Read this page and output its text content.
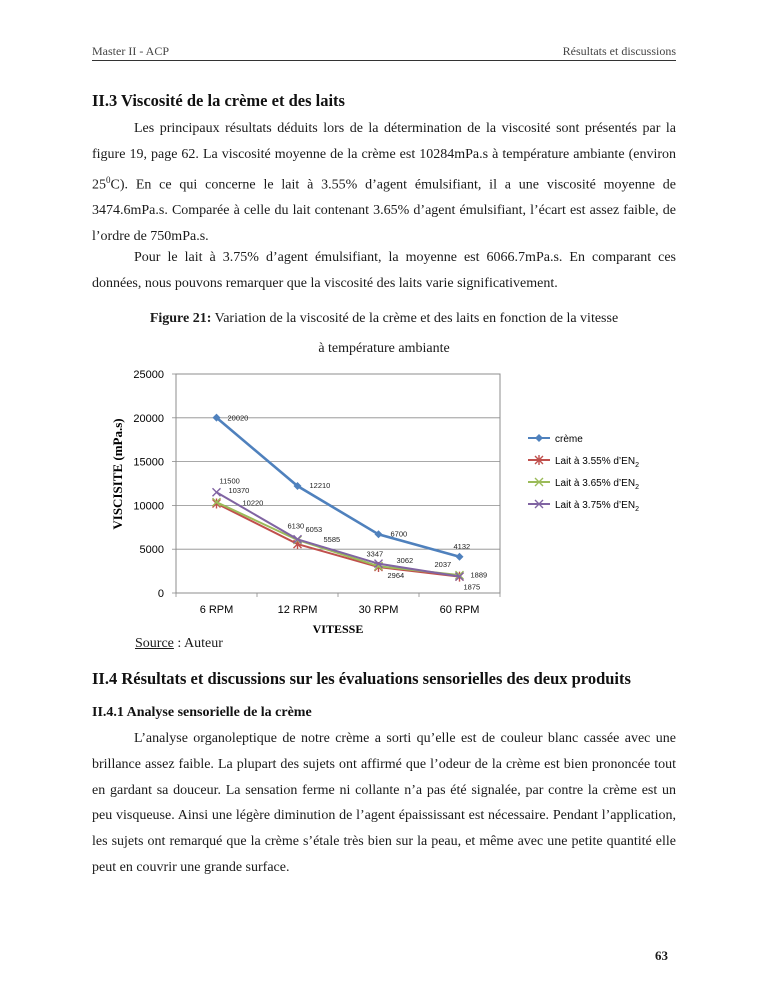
Master II - ACP	Résultats et discussions
II.3 Viscosité de la crème et des laits

Les principaux résultats déduits lors de la détermination de la viscosité sont présentés par la figure 19, page 62. La viscosité moyenne de la crème est 10284mPa.s à température ambiante (environ $25^0C$). En ce qui concerne le lait à 3.55% d’agent émulsifiant, il a une viscosité moyenne de 3474.6mPa.s. Comparée à celle du lait contenant 3.65% d’agent émulsifiant, l’écart est assez faible, de l’ordre de 750mPa.s.

Pour le lait à 3.75% d’agent émulsifiant, la moyenne est 6066.7mPa.s. En comparant ces données, nous pouvons remarquer que la viscosité des laits varie significativement.

Figure 21: Variation de la viscosité de la crème et des laits en fonction de la vitesse
à température ambiante
0
5000
10000
15000
20000
25000
6 RPM	12 RPM	30 RPM	60 RPM
20020
12210
6700
4132
10220
5585
2964
1875
10370
6053
3062	2037
11500
6130
3347
1889
crème
Lait à 3.55% $d’EN_2$
Lait à 3.65% $d’EN_2$
Lait à 3.75% $d’EN_2$
VISCISITE (mPa.s)
VITESSE
Source : Auteur
II.4 Résultats et discussions sur les évaluations sensorielles des deux produits
II.4.1 Analyse sensorielle de la crème

L’analyse organoleptique de notre crème a sorti qu’elle est de couleur blanc cassée avec une brillance assez faible. La plupart des sujets ont affirmé que l’odeur de la crème est bien prononcée tout en gardant sa douceur. La sensation ferme ni collante n’a pas été signalée, par contre la crème est un peu visqueuse. Ainsi une légère diminution de l’agent épaississant est nécessaire. Pendant l’application, les sujets ont remarqué que la crème s’étale très bien sur la peau, et même avec une petite quantité elle peut en couvrir une grande surface.

63
